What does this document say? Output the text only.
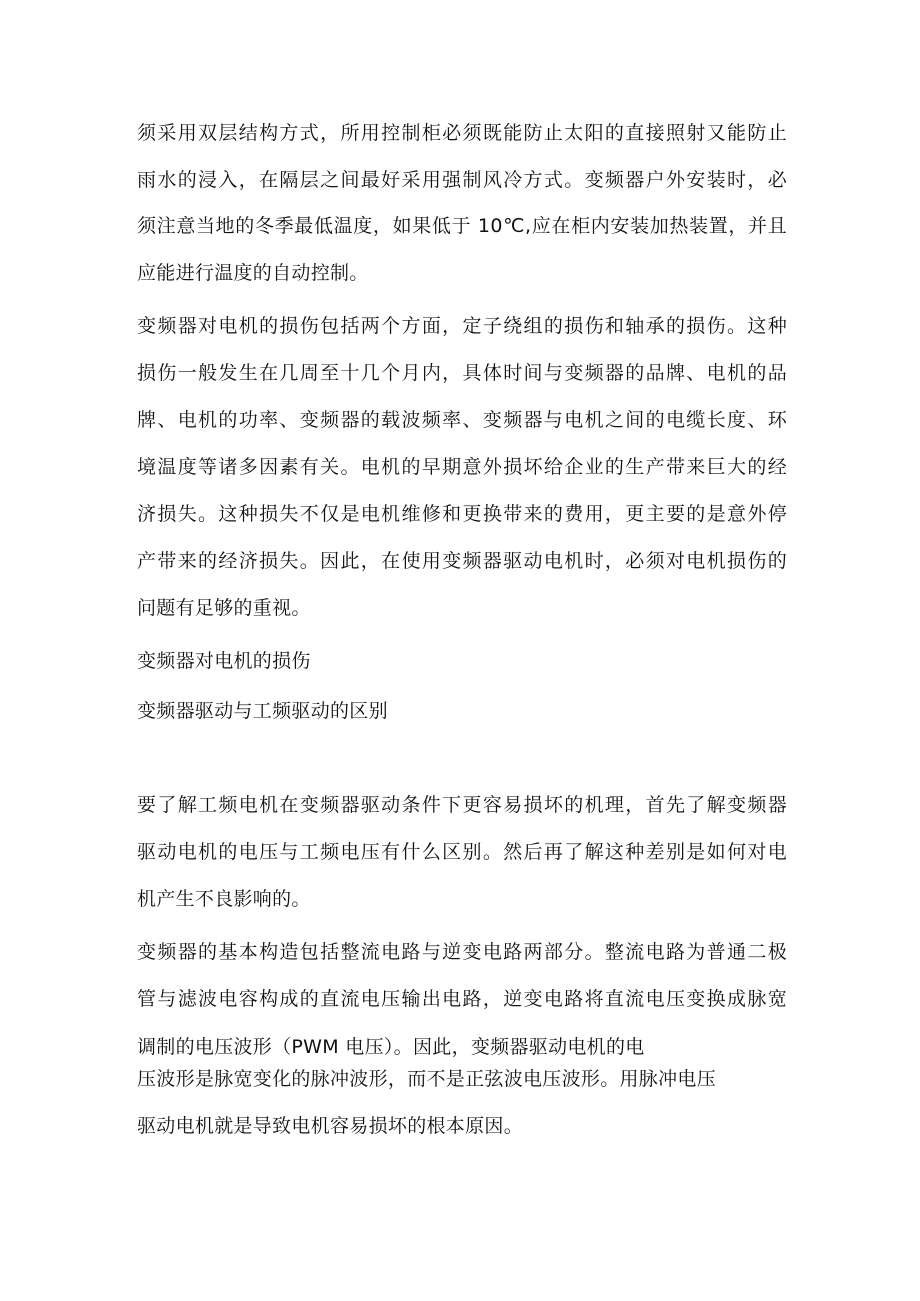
须采用双层结构方式，所用控制柜必须既能防止太阳的直接照射又能防止
雨水的浸入，在隔层之间最好采用强制风冷方式。变频器户外安装时，必
须注意当地的冬季最低温度，如果低于 10℃,应在柜内安装加热装置，并且
应能进行温度的自动控制。
变频器对电机的损伤包括两个方面，定子绕组的损伤和轴承的损伤。这种
损伤一般发生在几周至十几个月内，具体时间与变频器的品牌、电机的品
牌、电机的功率、变频器的载波频率、变频器与电机之间的电缆长度、环
境温度等诸多因素有关。电机的早期意外损坏给企业的生产带来巨大的经
济损失。这种损失不仅是电机维修和更换带来的费用，更主要的是意外停
产带来的经济损失。因此，在使用变频器驱动电机时，必须对电机损伤的
问题有足够的重视。
变频器对电机的损伤
变频器驱动与工频驱动的区别
要了解工频电机在变频器驱动条件下更容易损坏的机理，首先了解变频器
驱动电机的电压与工频电压有什么区别。然后再了解这种差别是如何对电
机产生不良影响的。
变频器的基本构造包括整流电路与逆变电路两部分。整流电路为普通二极
管与滤波电容构成的直流电压输出电路，逆变电路将直流电压变换成脉宽
调制的电压波形（PWM 电压）。因此，变频器驱动电机的电
压波形是脉宽变化的脉冲波形，而不是正弦波电压波形。用脉冲电压
驱动电机就是导致电机容易损坏的根本原因。
